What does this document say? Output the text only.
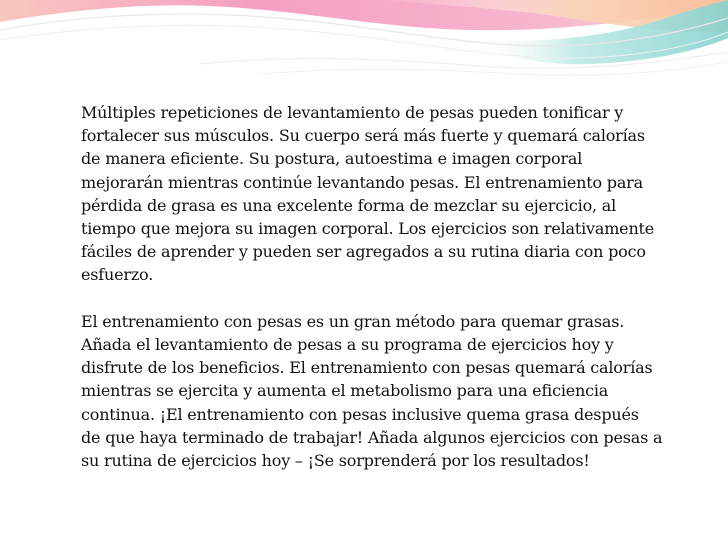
Múltiples repeticiones de levantamiento de pesas pueden tonificar y
fortalecer sus músculos. Su cuerpo será más fuerte y quemará calorías
de manera eficiente. Su postura, autoestima e imagen corporal
mejorarán mientras continúe levantando pesas. El entrenamiento para
pérdida de grasa es una excelente forma de mezclar su ejercicio, al
tiempo que mejora su imagen corporal. Los ejercicios son relativamente
fáciles de aprender y pueden ser agregados a su rutina diaria con poco
esfuerzo.

El entrenamiento con pesas es un gran método para quemar grasas.
Añada el levantamiento de pesas a su programa de ejercicios hoy y
disfrute de los beneficios. El entrenamiento con pesas quemará calorías
mientras se ejercita y aumenta el metabolismo para una eficiencia
continua. ¡El entrenamiento con pesas inclusive quema grasa después
de que haya terminado de trabajar! Añada algunos ejercicios con pesas a
su rutina de ejercicios hoy – ¡Se sorprenderá por los resultados!
